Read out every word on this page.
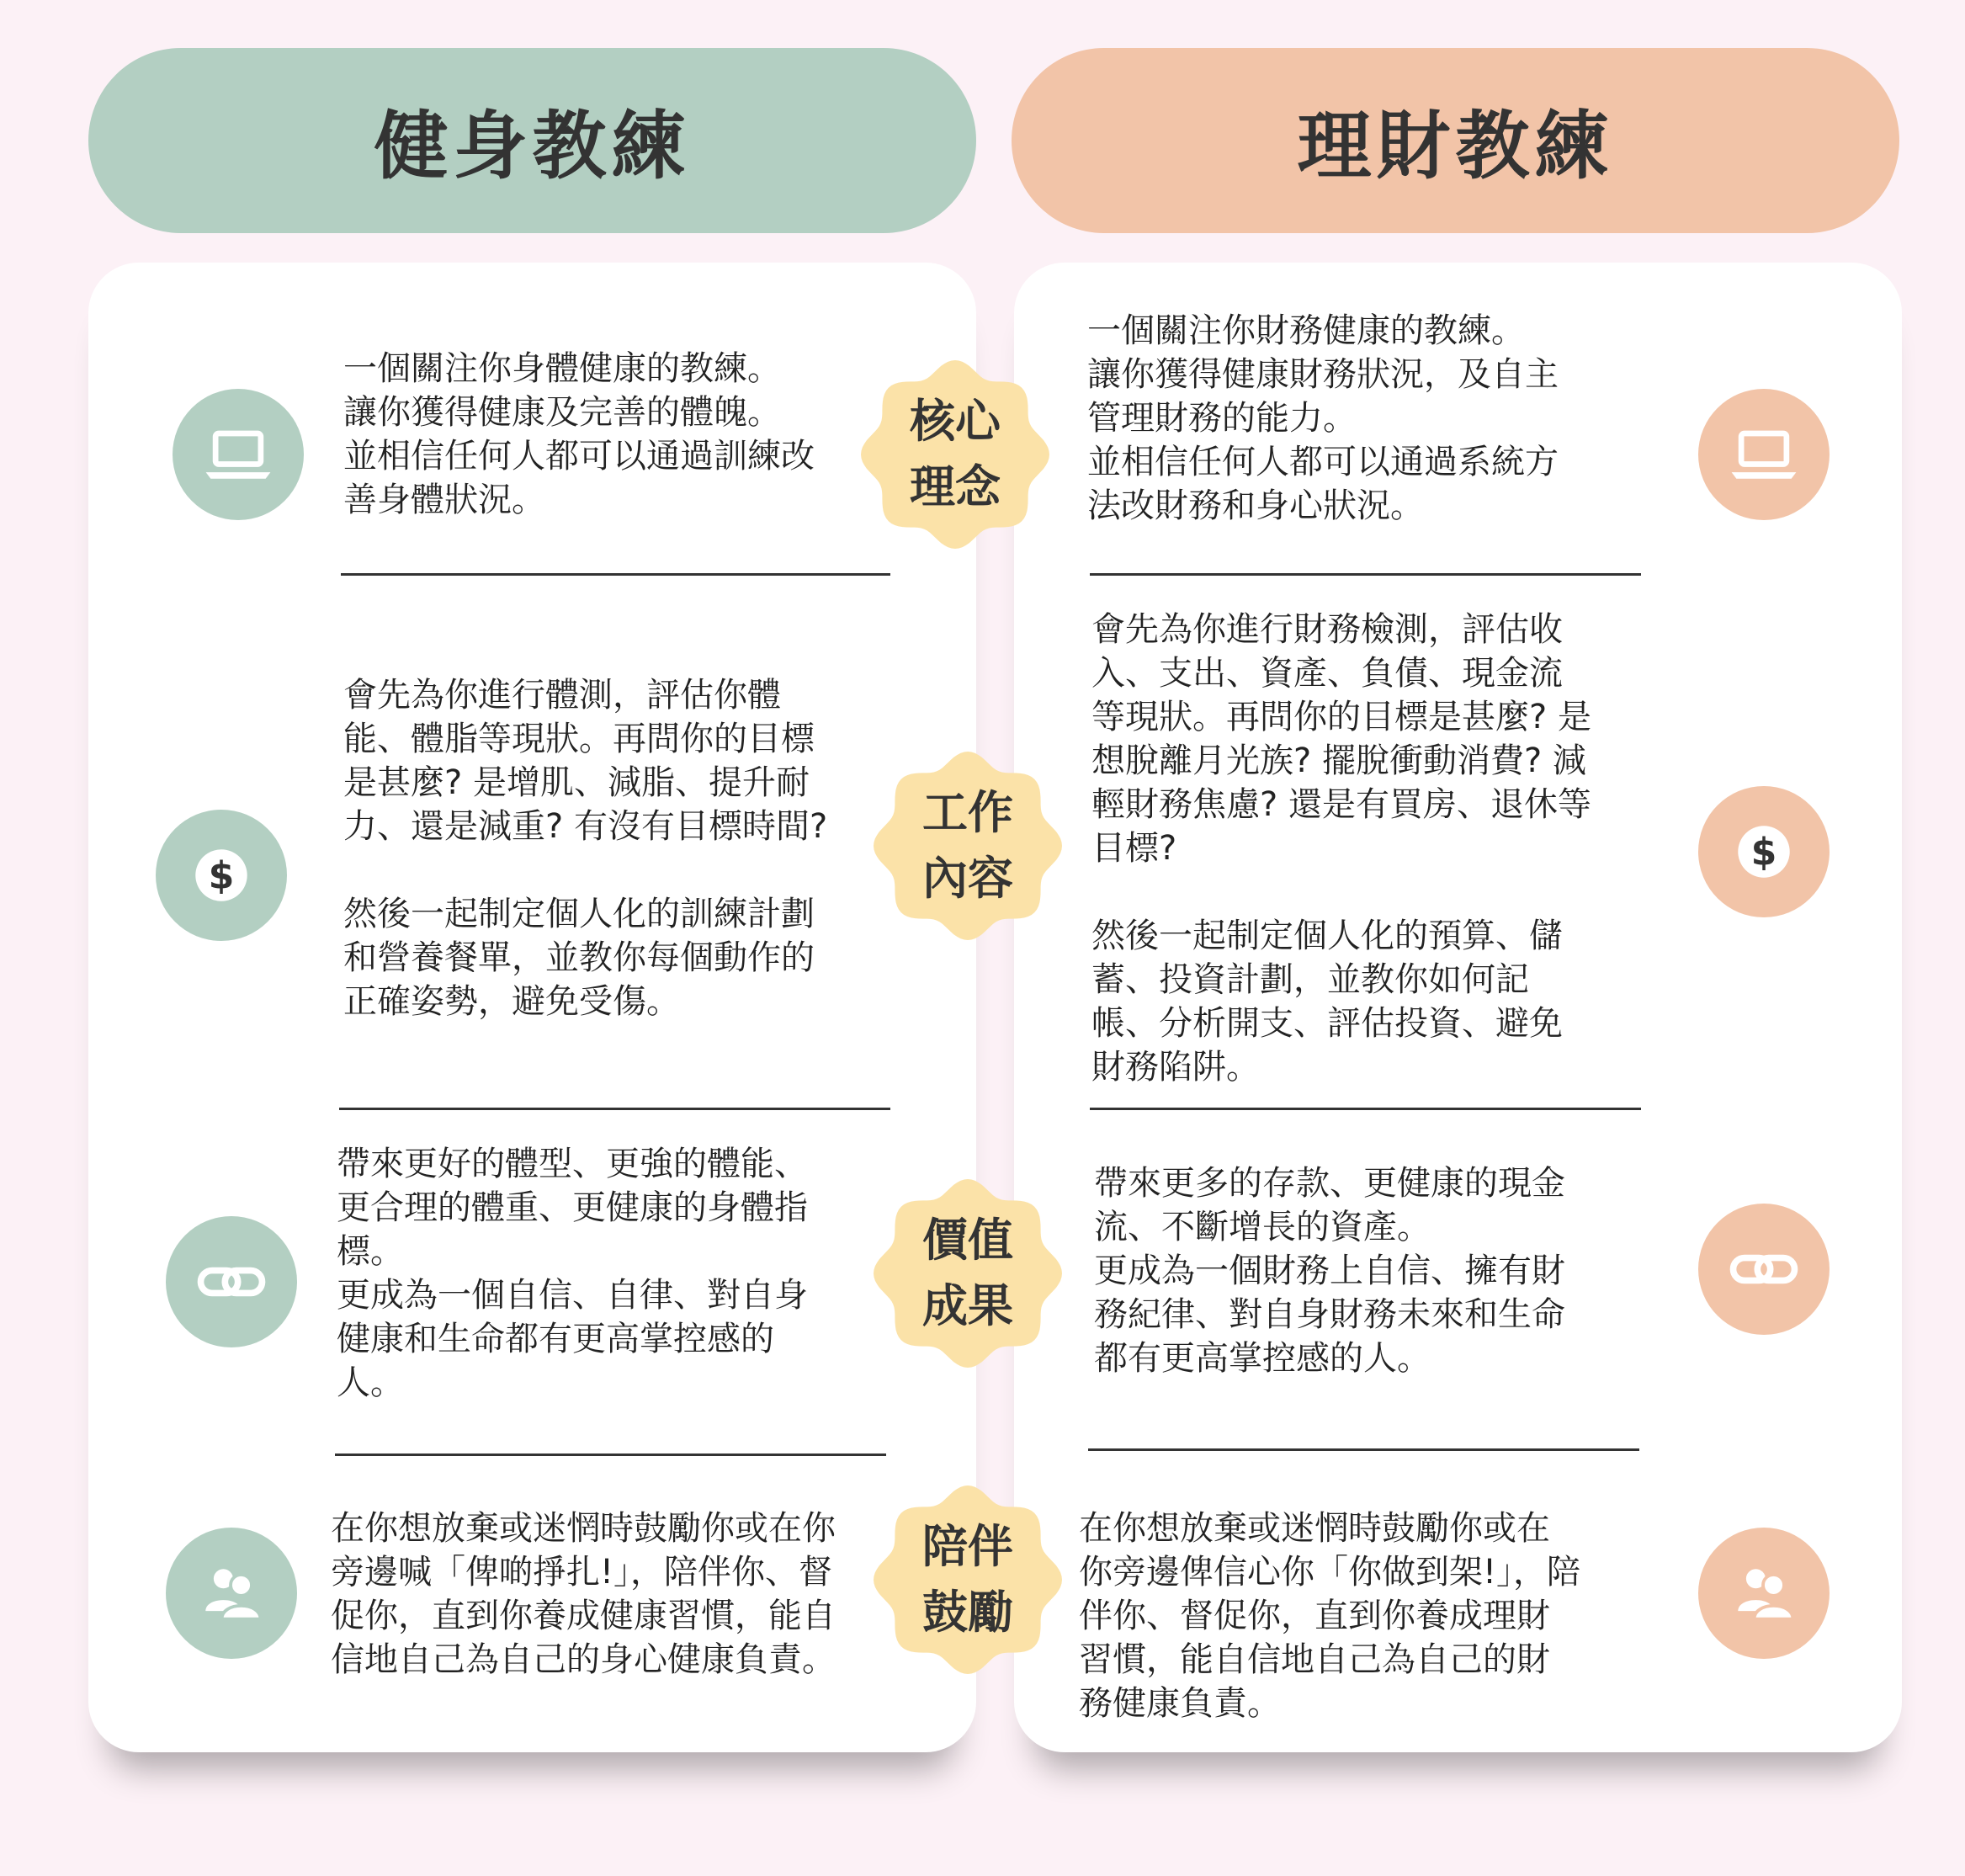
健身教練	理財教練

一個關注你身體健康的教練。
讓你獲得健康及完善的體魄。
並相信任何人都可以通過訓練改
善身體狀況。

$

會先為你進行體測，評估你體
能、體脂等現狀。再問你的目標
是甚麼? 是增肌、減脂、提升耐
力、還是減重? 有沒有目標時間?

然後一起制定個人化的訓練計劃
和營養餐單，並教你每個動作的
正確姿勢，避免受傷。

帶來更好的體型、更強的體能、
更合理的體重、更健康的身體指
標。
更成為一個自信、自律、對自身
健康和生命都有更高掌控感的
人。

在你想放棄或迷惘時鼓勵你或在你
旁邊喊「俾啲掙扎!」，陪伴你、督
促你，直到你養成健康習慣，能自
信地自己為自己的身心健康負責。

一個關注你財務健康的教練。
讓你獲得健康財務狀況，及自主
管理財務的能力。
並相信任何人都可以通過系統方
法改財務和身心狀況。

會先為你進行財務檢測，評估收
入、支出、資產、負債、現金流
等現狀。再問你的目標是甚麼? 是
想脫離月光族? 擺脫衝動消費? 減
輕財務焦慮? 還是有買房、退休等
目標?

然後一起制定個人化的預算、儲
蓄、投資計劃，並教你如何記
帳、分析開支、評估投資、避免
財務陷阱。

$

帶來更多的存款、更健康的現金
流、不斷增長的資產。
更成為一個財務上自信、擁有財
務紀律、對自身財務未來和生命
都有更高掌控感的人。

在你想放棄或迷惘時鼓勵你或在
你旁邊俾信心你「你做到架!」，陪
伴你、督促你，直到你養成理財
習慣，能自信地自己為自己的財
務健康負責。

核心
理念
工作
內容
價值
成果
陪伴
鼓勵
